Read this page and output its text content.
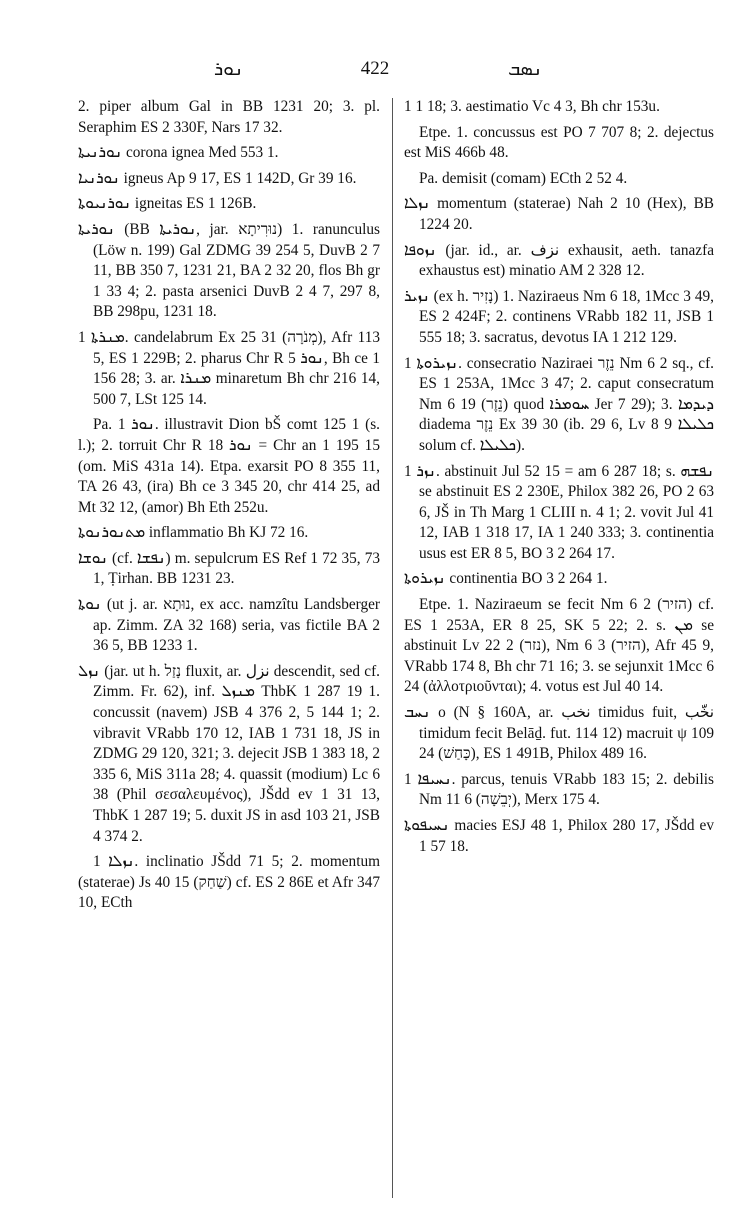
ܢܘܪ	422	ܢܣܒ

2. piper album Gal in BB 1231 20; 3. pl. Seraphim ES 2 330F, Nars 17 32.

ܢܘܪܢܝܬܐ corona ignea Med 553 1.

ܢܘܪܢܝܐ igneus Ap 9 17, ES 1 142D, Gr 39 16.

ܢܘܪܢܝܘܬܐ igneitas ES 1 126B.

ܢܘܪܝܬܐ (BB ܢܘܪܝܬܐ, jar. נוּרִיתָא) 1. ranunculus (Löw n. 199) Gal ZDMG 39 254 5, DuvB 2 7 11, BB 350 7, 1231 21, BA 2 32 20, flos Bh gr 1 33 4; 2. pasta arsenici DuvB 2 4 7, 297 8, BB 298pu, 1231 18.

ܡܢܪܬܐ 1. candelabrum Ex 25 31 (מְנֹרָה), Afr 113 5, ES 1 229B; 2. pharus Chr R ܢܘܪ 5, Bh ce 1 156 28; 3. ar. ܡܢܪܐ minaretum Bh chr 216 14, 500 7, LSt 125 14.

Pa. ܢܘܪ 1. illustravit Dion bŠ comt 125 1 (s. l.); 2. torruit Chr R ܢܘܪ 18 = Chr an 1 195 15 (om. MiS 431a 14). Etpa. exarsit PO 8 355 11, TA 26 43, (ira) Bh ce 3 345 20, chr 414 25, ad Mt 32 12, (amor) Bh Eth 252u.

ܡܬܢܘܪܢܘܬܐ inflammatio Bh KJ 72 16.

ܢܘܫܐ (cf. ܢܦܫܐ) m. sepulcrum ES Ref 1 72 35, 73 1, Ṭirhan. BB 1231 23.

ܢܘܬܐ (ut j. ar. נוּתָא, ex acc. namzîtu Landsberger ap. Zimm. ZA 32 168) seria, vas fictile BA 2 36 5, BB 1233 1.

ܢܙܠ (jar. ut h. נָזַל fluxit, ar. نزل descendit, sed cf. Zimm. Fr. 62), inf. ܡܢܙܠ ThbK 1 287 19 1. concussit (navem) JSB 4 376 2, 5 144 1; 2. vibravit VRabb 170 12, IAB 1 731 18, JS in ZDMG 29 120, 321; 3. dejecit JSB 1 383 18, 2 335 6, MiS 311a 28; 4. quassit (modium) Lc 6 38 (Phil σεσαλευμένος), JŠdd ev 1 31 13, ThbK 1 287 19; 5. duxit JS in asd 103 21, JSB 4 374 2.

ܢܙܠܐ 1. inclinatio JŠdd 71 5; 2. momentum (staterae) Js 40 15 (שַׁחַק) cf. ES 2 86E et Afr 347 10, ECth

1 1 18; 3. aestimatio Vc 4 3, Bh chr 153u.

Etpe. 1. concussus est PO 7 707 8; 2. dejectus est MiS 466b 48.

Pa. demisit (comam) ECth 2 52 4.

ܢܙܠܐ momentum (staterae) Nah 2 10 (Hex), BB 1224 20.

ܢܙܘܦܐ (jar. id., ar. نزف exhausit, aeth. tanazfa exhaustus est) minatio AM 2 328 12.

ܢܙܝܪ (ex h. נָזִיר) 1. Naziraeus Nm 6 18, 1Mcc 3 49, ES 2 424F; 2. continens VRabb 182 11, JSB 1 555 18; 3. sacratus, devotus IA 1 212 129.

ܢܙܝܪܘܬܐ 1. consecratio Naziraei נֵזֶר Nm 6 2 sq., cf. ES 1 253A, 1Mcc 3 47; 2. caput consecratum Nm 6 19 (נֵזֶר) quod ܚܘܡܪܐ Jer 7 29); 3. ܕܝܕܡܐ diadema נֵזֶר Ex 39 30 (ib. 29 6, Lv 8 9 ܟܠܝܠܐ solum cf. ܟܠܝܠܐ).

ܢܙܪ 1. abstinuit Jul 52 15 = am 6 287 18; s. ܢܦܫܗ se abstinuit ES 2 230E, Philox 382 26, PO 2 63 6, JŠ in Th Marg 1 CLIII n. 4 1; 2. vovit Jul 41 12, IAB 1 318 17, IA 1 240 333; 3. continentia usus est ER 8 5, BO 3 2 264 17.

ܢܙܝܪܘܬܐ continentia BO 3 2 264 1.

Etpe. 1. Naziraeum se fecit Nm 6 2 (הזיר) cf. ES 1 253A, ER 8 25, SK 5 22; 2. s. ܡܢ se abstinuit Lv 22 2 (נזר), Nm 6 3 (הזיר), Afr 45 9, VRabb 174 8, Bh chr 71 16; 3. se sejunxit 1Mcc 6 24 (ἀλλοτριοῦνται); 4. votus est Jul 40 14.

ܢܚܒ o (N § 160A, ar. نخب timidus fuit, نخّب timidum fecit Belāḏ. fut. 114 12) macruit ψ 109 24 (כָּחַשׁ), ES 1 491B, Philox 489 16.

ܢܚܝܦܐ 1. parcus, tenuis VRabb 183 15; 2. debilis Nm 11 6 (יְבֵשָׁה), Merx 175 4.

ܢܚܝܦܘܬܐ macies ESJ 48 1, Philox 280 17, JŠdd ev 1 57 18.
